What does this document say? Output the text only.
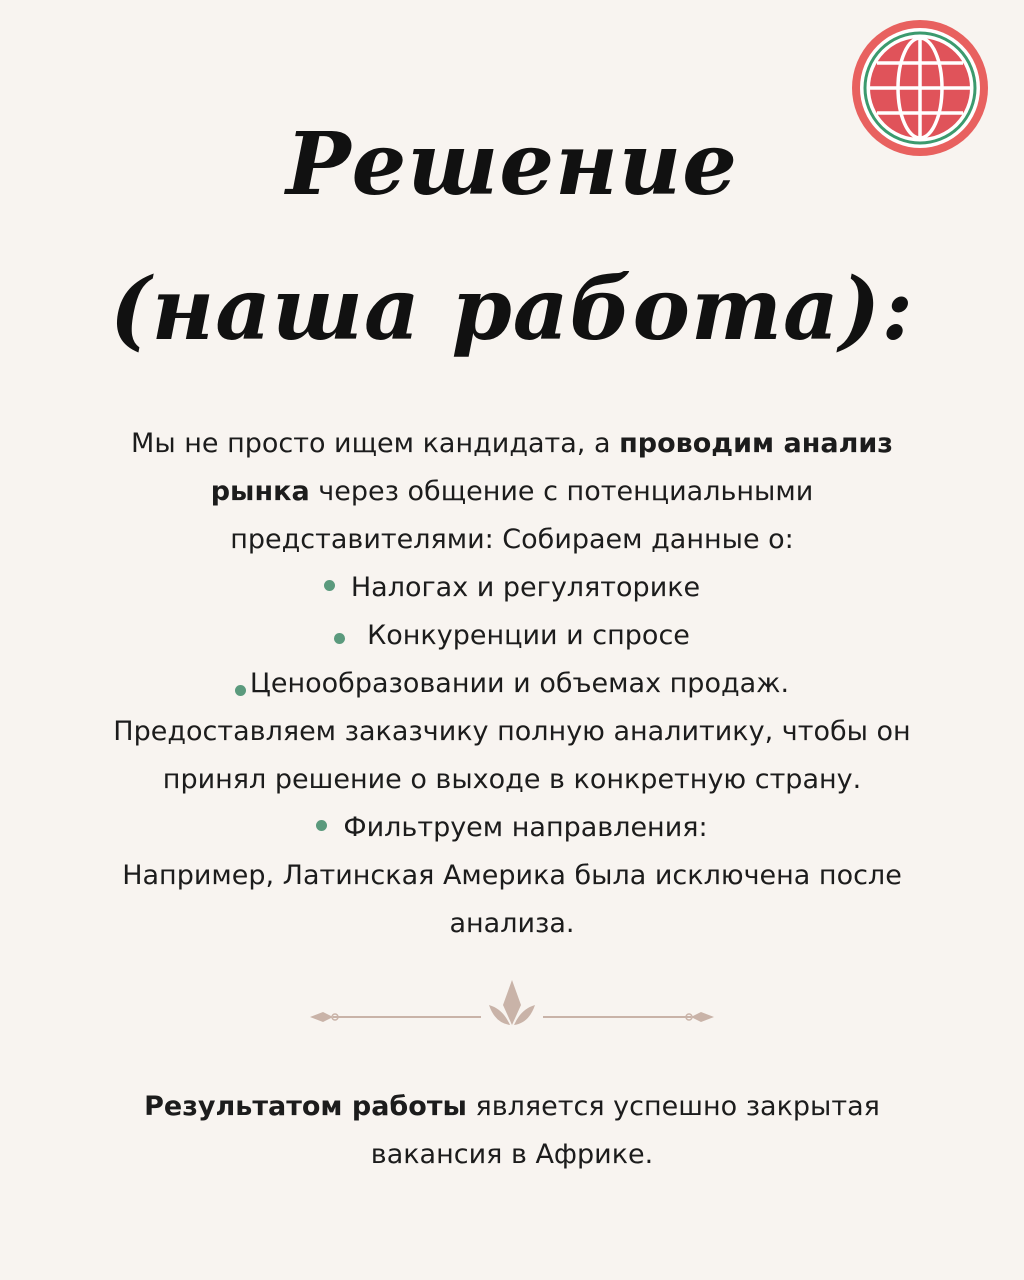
Решение
(наша работа):
Мы не просто ищем кандидата, а проводим анализ
рынка через общение с потенциальными
представителями: Собираем данные о:
Налогах и регуляторике
Конкуренции и спросе
Ценообразовании и объемах продаж.
Предоставляем заказчику полную аналитику, чтобы он
принял решение о выходе в конкретную страну.
Фильтруем направления:
Например, Латинская Америка была исключена после
анализа.
Результатом работы является успешно закрытая
вакансия в Африке.
